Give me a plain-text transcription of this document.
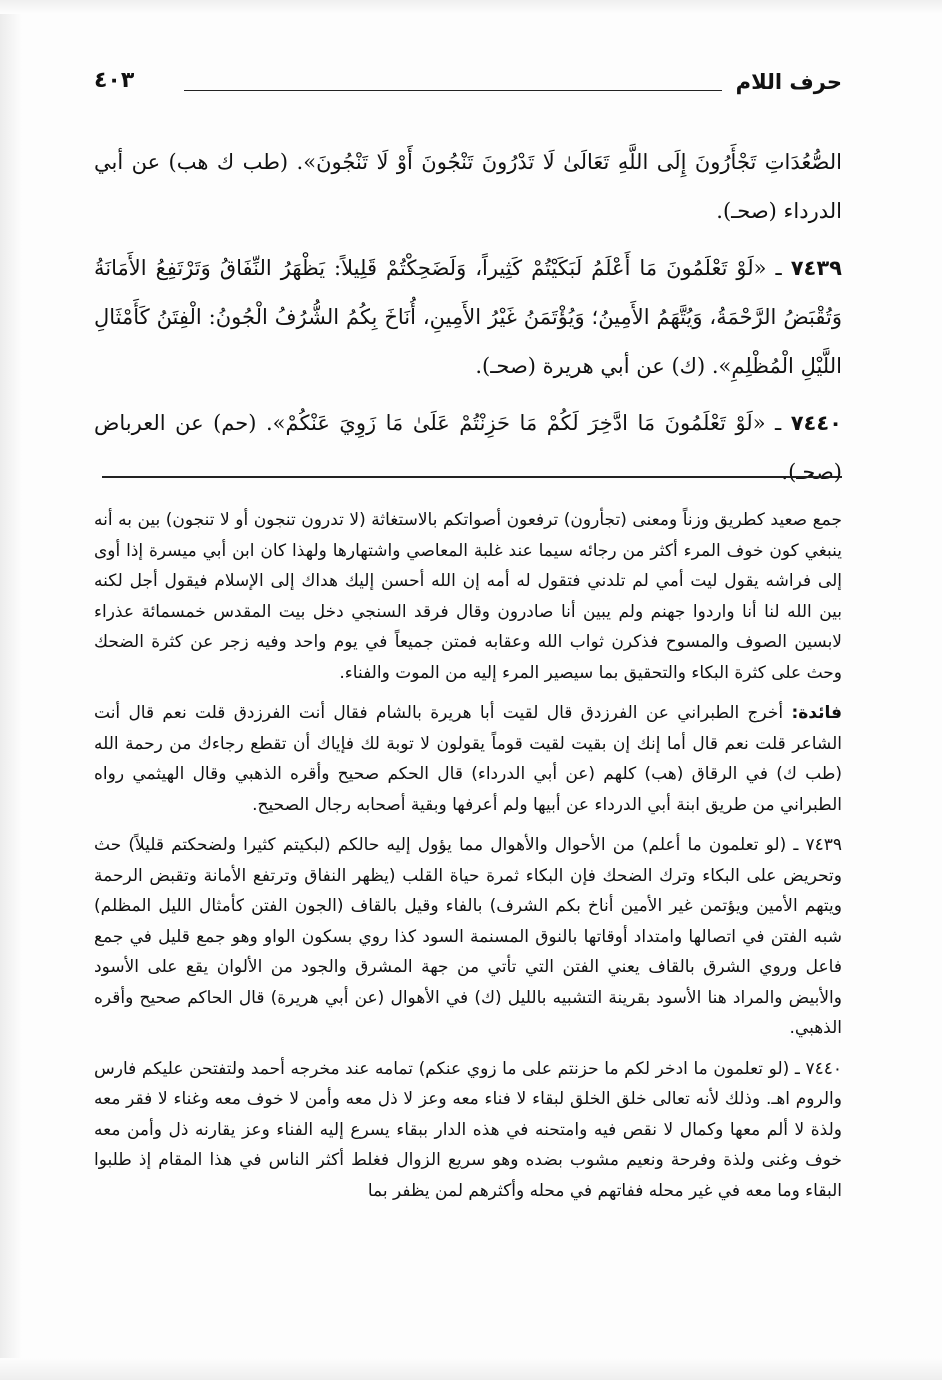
حرف اللام
٤٠٣

الصُّعُدَاتِ تَجْأَرُونَ إِلَى اللَّهِ تَعَالَىٰ لَا تَدْرُونَ تَنْجُونَ أَوْ لَا تَنْجُونَ». (طب ك هب) عن أبي الدرداء (صحـ).

٧٤٣٩ ـ «لَوْ تَعْلَمُونَ مَا أَعْلَمُ لَبَكَيْتُمْ كَثِيراً، وَلَضَحِكْتُمْ قَلِيلاً: يَظْهَرُ النِّفَاقُ وَتَرْتَفِعُ الأَمَانَةُ وَتُقْبَضُ الرَّحْمَةُ، وَيُتَّهَمُ الأَمِينُ؛ وَيُؤْتَمَنُ غَيْرُ الأَمِينِ، أُنَاخَ بِكُمُ الشُّرُفُ الْجُونُ: الْفِتَنُ كَأَمْثَالِ اللَّيْلِ الْمُظْلِمِ». (ك) عن أبي هريرة (صحـ).

٧٤٤٠ ـ «لَوْ تَعْلَمُونَ مَا ادَّخِرَ لَكُمْ مَا حَزِنْتُمْ عَلَىٰ مَا زَوِيَ عَنْكُمْ». (حم) عن العرباض (صحـ).

جمع صعيد كطريق وزناً ومعنى (تجأرون) ترفعون أصواتكم بالاستغاثة (لا تدرون تنجون أو لا تنجون) بين به أنه ينبغي كون خوف المرء أكثر من رجائه سيما عند غلبة المعاصي واشتهارها ولهذا كان ابن أبي ميسرة إذا أوى إلى فراشه يقول ليت أمي لم تلدني فتقول له أمه إن الله أحسن إليك هداك إلى الإسلام فيقول أجل لكنه بين الله لنا أنا واردوا جهنم ولم يبين أنا صادرون وقال فرقد السنجي دخل بيت المقدس خمسمائة عذراء لابسين الصوف والمسوح فذكرن ثواب الله وعقابه فمتن جميعاً في يوم واحد وفيه زجر عن كثرة الضحك وحث على كثرة البكاء والتحقيق بما سيصير المرء إليه من الموت والفناء.

فائدة: أخرج الطبراني عن الفرزدق قال لقيت أبا هريرة بالشام فقال أنت الفرزدق قلت نعم قال أنت الشاعر قلت نعم قال أما إنك إن بقيت لقيت قوماً يقولون لا توبة لك فإياك أن تقطع رجاءك من رحمة الله (طب ك) في الرقاق (هب) كلهم (عن أبي الدرداء) قال الحكم صحيح وأقره الذهبي وقال الهيثمي رواه الطبراني من طريق ابنة أبي الدرداء عن أبيها ولم أعرفها وبقية أصحابه رجال الصحيح.

٧٤٣٩ ـ (لو تعلمون ما أعلم) من الأحوال والأهوال مما يؤول إليه حالكم (لبكيتم كثيرا ولضحكتم قليلاً) حث وتحريض على البكاء وترك الضحك فإن البكاء ثمرة حياة القلب (يظهر النفاق وترتفع الأمانة وتقبض الرحمة ويتهم الأمين ويؤتمن غير الأمين أناخ بكم الشرف) بالفاء وقيل بالقاف (الجون الفتن كأمثال الليل المظلم) شبه الفتن في اتصالها وامتداد أوقاتها بالنوق المسنمة السود كذا روي بسكون الواو وهو جمع قليل في جمع فاعل وروي الشرق بالقاف يعني الفتن التي تأتي من جهة المشرق والجود من الألوان يقع على الأسود والأبيض والمراد هنا الأسود بقرينة التشبيه بالليل (ك) في الأهوال (عن أبي هريرة) قال الحاكم صحيح وأقره الذهبي.

٧٤٤٠ ـ (لو تعلمون ما ادخر لكم ما حزنتم على ما زوي عنكم) تمامه عند مخرجه أحمد ولتفتحن عليكم فارس والروم اهـ. وذلك لأنه تعالى خلق الخلق لبقاء لا فناء معه وعز لا ذل معه وأمن لا خوف معه وغناء لا فقر معه ولذة لا ألم معها وكمال لا نقص فيه وامتحنه في هذه الدار ببقاء يسرع إليه الفناء وعز يقارنه ذل وأمن معه خوف وغنى ولذة وفرحة ونعيم مشوب بضده وهو سريع الزوال فغلط أكثر الناس في هذا المقام إذ طلبوا البقاء وما معه في غير محله ففاتهم في محله وأكثرهم لمن يظفر بما
